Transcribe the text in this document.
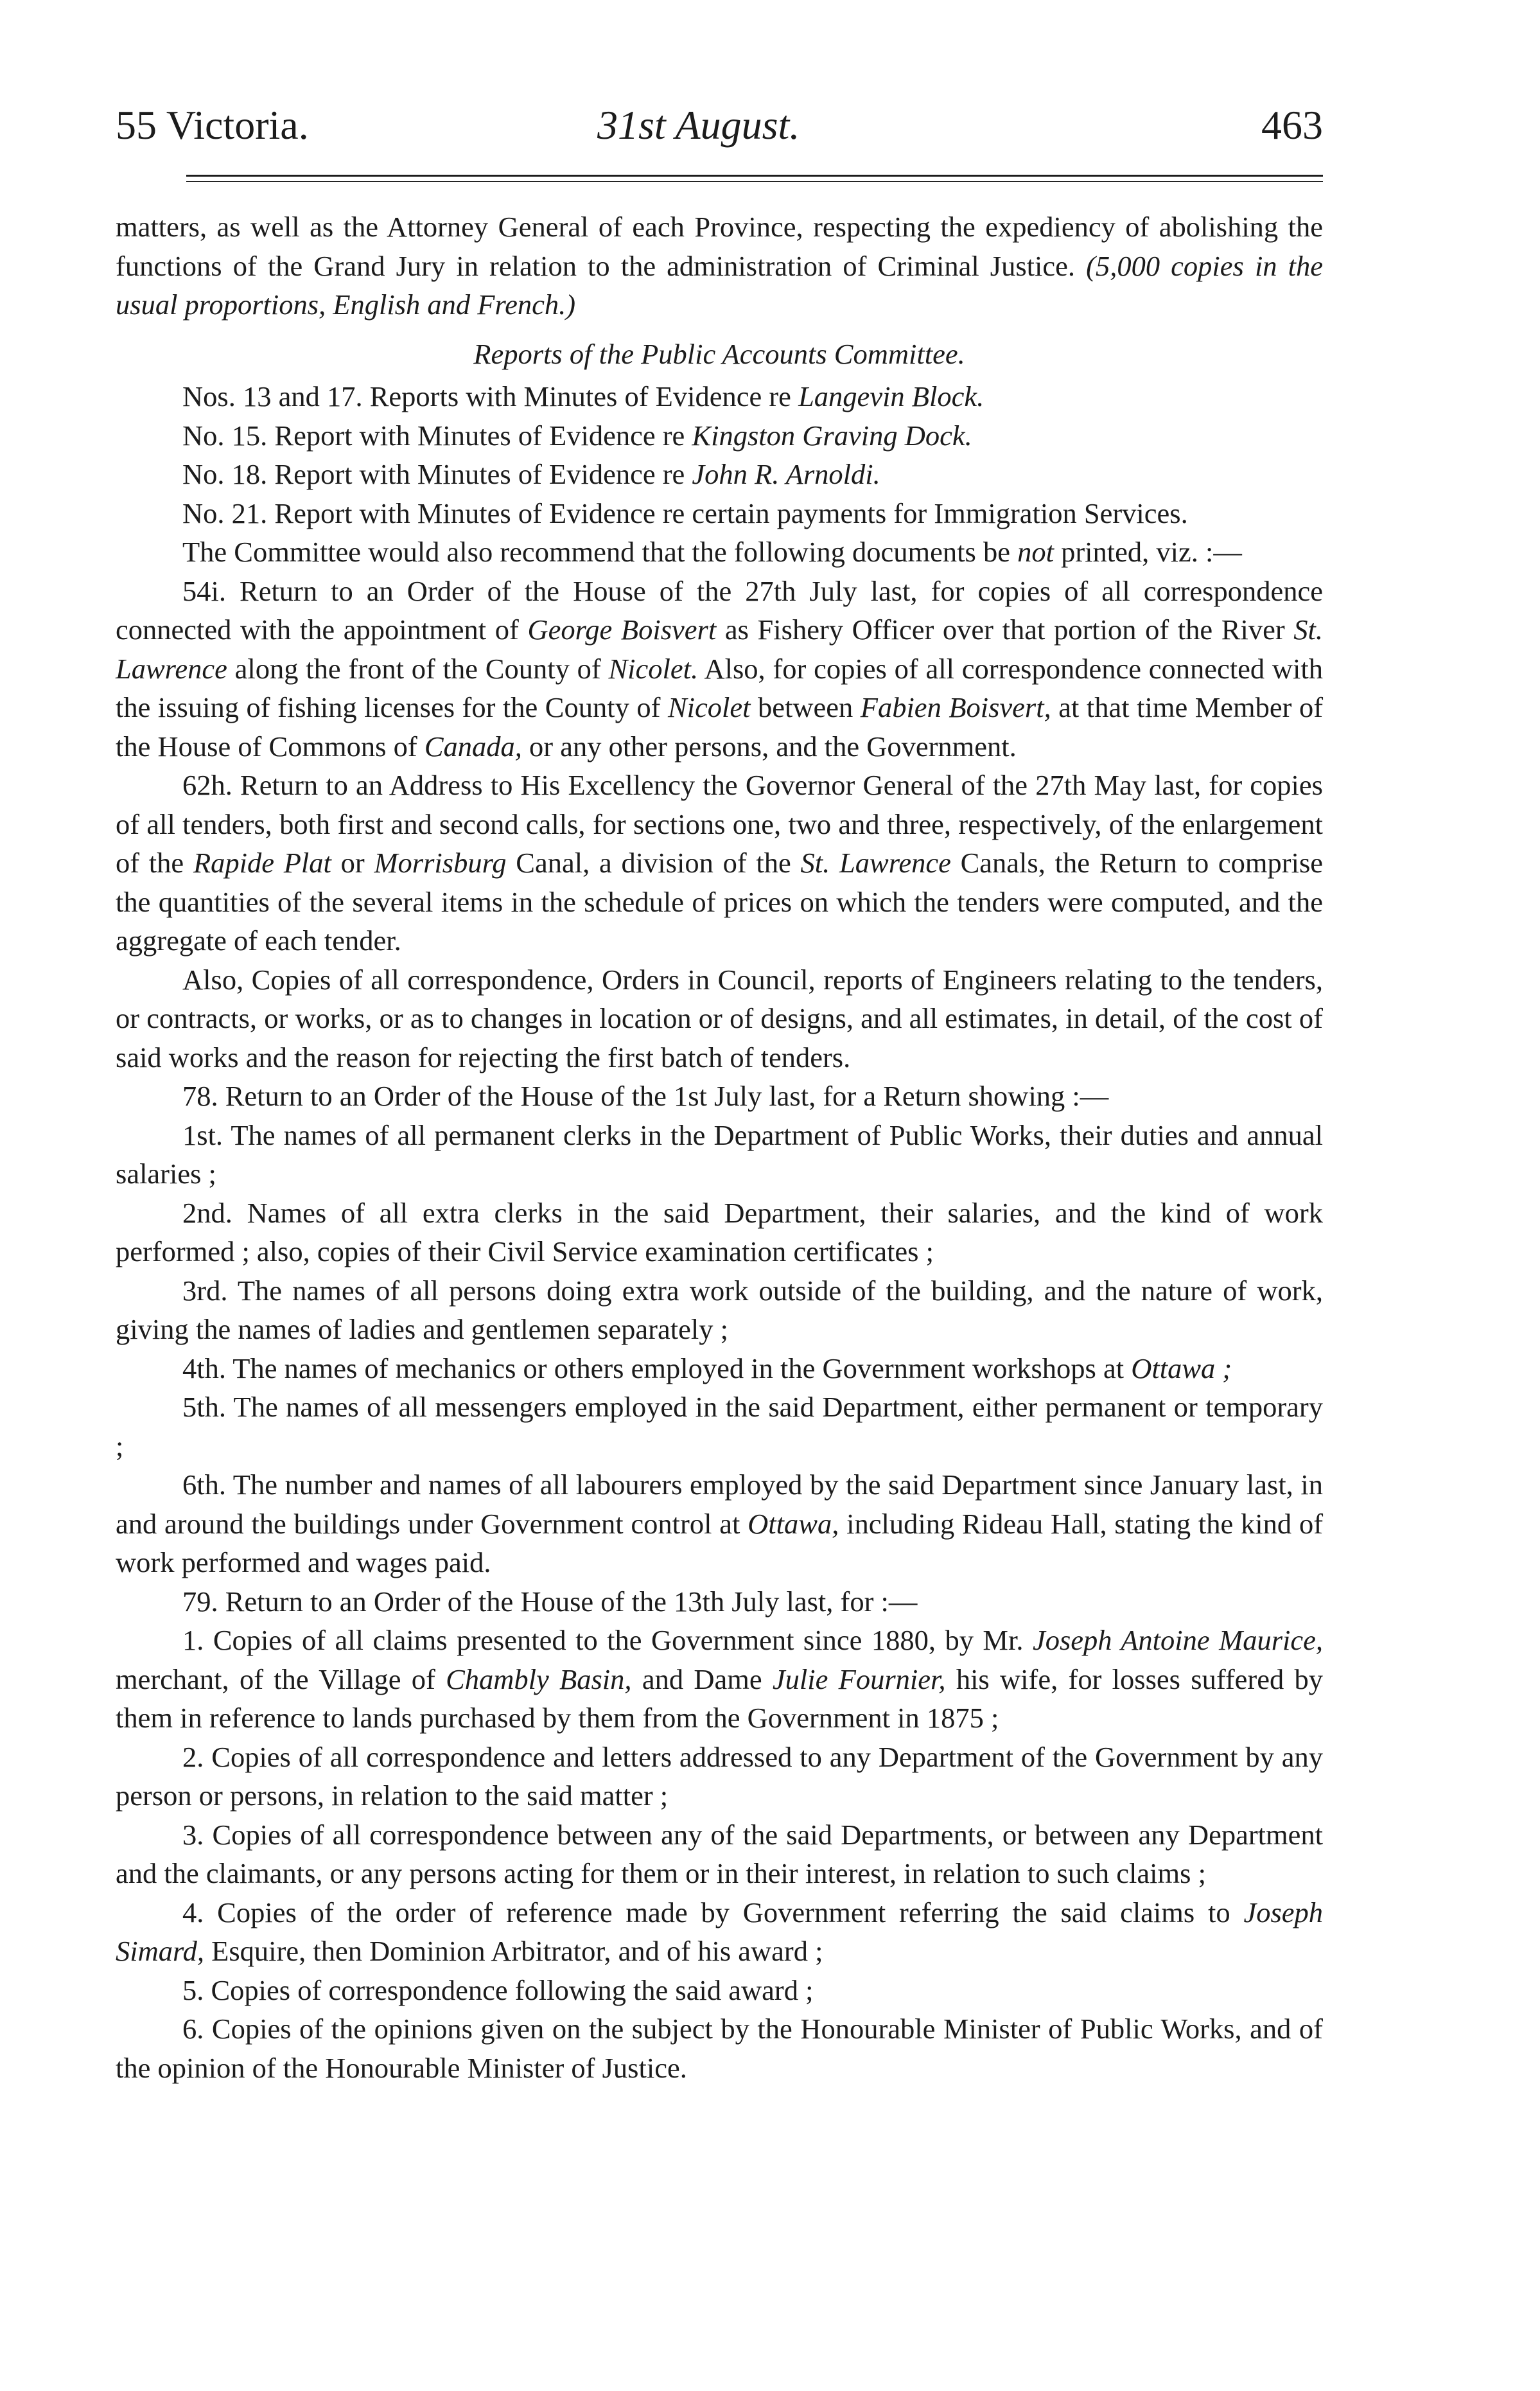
55 Victoria.	31st August.	463

matters, as well as the Attorney General of each Province, respecting the expediency of abolishing the functions of the Grand Jury in relation to the administration of Criminal Justice. (5,000 copies in the usual proportions, English and French.)

Reports of the Public Accounts Committee.

Nos. 13 and 17. Reports with Minutes of Evidence re Langevin Block.

No. 15. Report with Minutes of Evidence re Kingston Graving Dock.

No. 18. Report with Minutes of Evidence re John R. Arnoldi.

No. 21. Report with Minutes of Evidence re certain payments for Immigration Services.

The Committee would also recommend that the following documents be not printed, viz. :—

54i. Return to an Order of the House of the 27th July last, for copies of all correspondence connected with the appointment of George Boisvert as Fishery Officer over that portion of the River St. Lawrence along the front of the County of Nicolet. Also, for copies of all correspondence connected with the issuing of fishing licenses for the County of Nicolet between Fabien Boisvert, at that time Member of the House of Commons of Canada, or any other persons, and the Government.

62h. Return to an Address to His Excellency the Governor General of the 27th May last, for copies of all tenders, both first and second calls, for sections one, two and three, respectively, of the enlargement of the Rapide Plat or Morrisburg Canal, a division of the St. Lawrence Canals, the Return to comprise the quantities of the several items in the schedule of prices on which the tenders were computed, and the aggregate of each tender.

Also, Copies of all correspondence, Orders in Council, reports of Engineers relating to the tenders, or contracts, or works, or as to changes in location or of designs, and all estimates, in detail, of the cost of said works and the reason for rejecting the first batch of tenders.

78. Return to an Order of the House of the 1st July last, for a Return showing :—

1st. The names of all permanent clerks in the Department of Public Works, their duties and annual salaries ;

2nd. Names of all extra clerks in the said Department, their salaries, and the kind of work performed ; also, copies of their Civil Service examination certificates ;

3rd. The names of all persons doing extra work outside of the building, and the nature of work, giving the names of ladies and gentlemen separately ;

4th. The names of mechanics or others employed in the Government workshops at Ottawa ;

5th. The names of all messengers employed in the said Department, either permanent or temporary ;

6th. The number and names of all labourers employed by the said Department since January last, in and around the buildings under Government control at Ottawa, including Rideau Hall, stating the kind of work performed and wages paid.

79. Return to an Order of the House of the 13th July last, for :—

1. Copies of all claims presented to the Government since 1880, by Mr. Joseph Antoine Maurice, merchant, of the Village of Chambly Basin, and Dame Julie Fournier, his wife, for losses suffered by them in reference to lands purchased by them from the Government in 1875 ;

2. Copies of all correspondence and letters addressed to any Department of the Government by any person or persons, in relation to the said matter ;

3. Copies of all correspondence between any of the said Departments, or between any Department and the claimants, or any persons acting for them or in their interest, in relation to such claims ;

4. Copies of the order of reference made by Government referring the said claims to Joseph Simard, Esquire, then Dominion Arbitrator, and of his award ;

5. Copies of correspondence following the said award ;

6. Copies of the opinions given on the subject by the Honourable Minister of Public Works, and of the opinion of the Honourable Minister of Justice.
